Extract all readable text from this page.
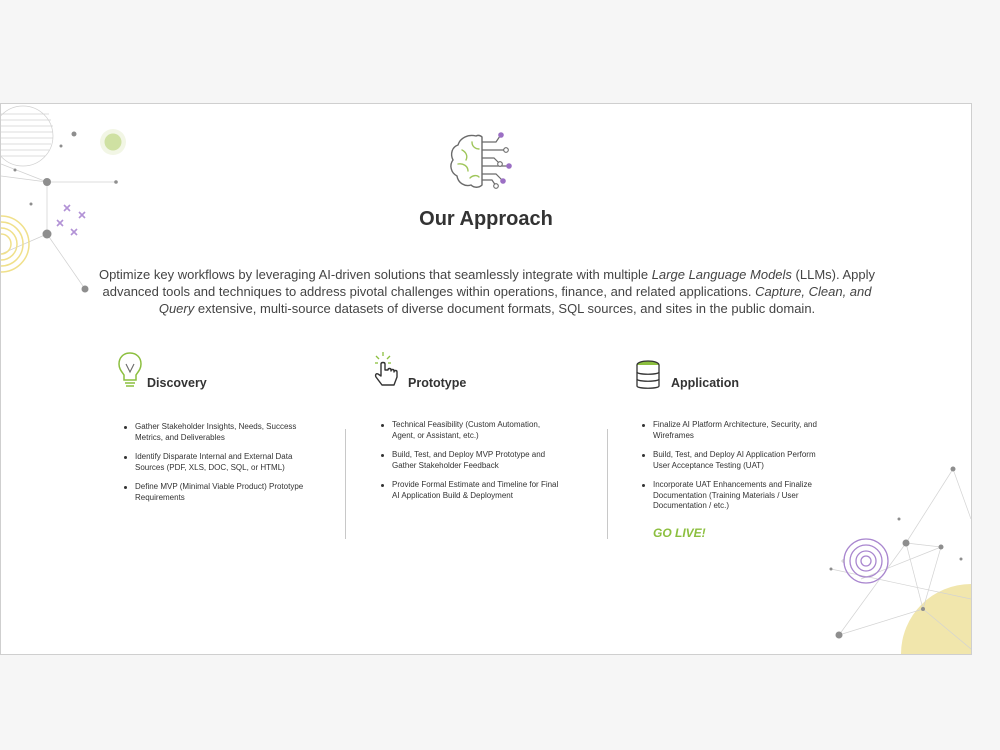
Our Approach

Optimize key workflows by leveraging AI-driven solutions that seamlessly integrate with multiple Large Language Models (LLMs). Apply advanced tools and techniques to address pivotal challenges within operations, finance, and related applications. Capture, Clean, and Query extensive, multi-source datasets of diverse document formats, SQL sources, and sites in the public domain.

Discovery
Gather Stakeholder Insights, Needs, Success Metrics, and Deliverables
Identify Disparate Internal and External Data Sources (PDF, XLS, DOC, SQL, or HTML)
Define MVP (Minimal Viable Product) Prototype Requirements
Prototype
Technical Feasibility (Custom Automation, Agent, or Assistant, etc.)
Build, Test, and Deploy MVP Prototype and Gather Stakeholder Feedback
Provide Formal Estimate and Timeline for Final AI Application Build & Deployment
Application
Finalize AI Platform Architecture, Security, and Wireframes
Build, Test, and Deploy AI Application Perform User Acceptance Testing (UAT)
Incorporate UAT Enhancements and Finalize Documentation (Training Materials / User Documentation / etc.)
GO LIVE!
